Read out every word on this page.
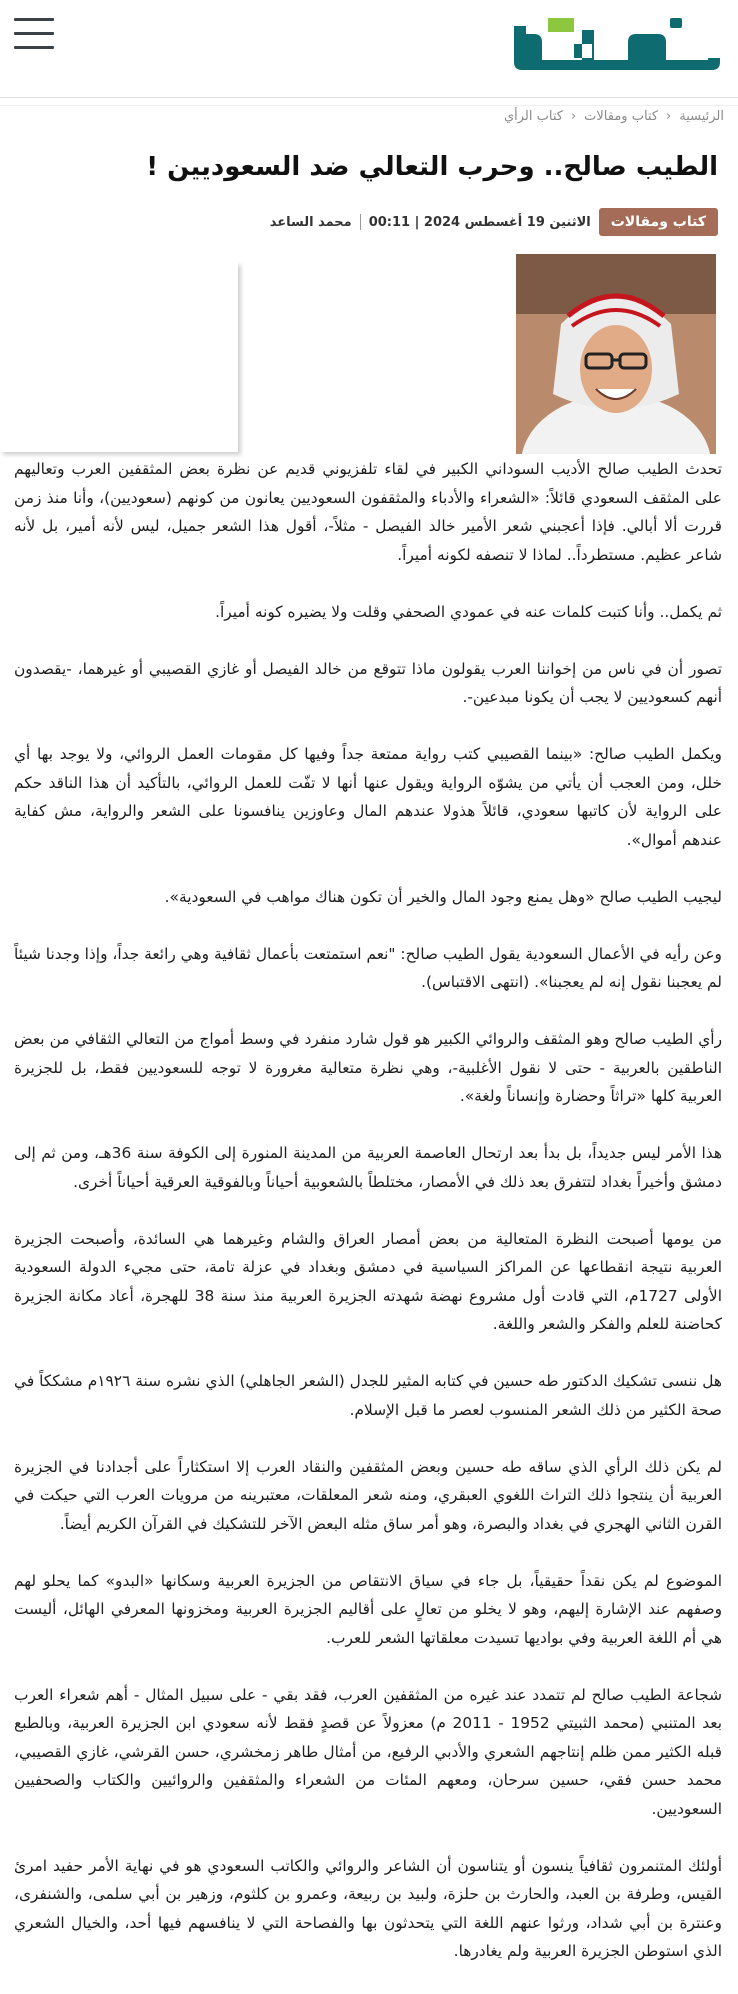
الرئيسية
‹
كتاب ومقالات
‹
كتاب الرأي
الطيب صالح.. وحرب التعالي ضد السعوديين !
كتاب ومقالات
الاثنين 19 أغسطس 2024 | 00:11
محمد الساعد

تحدث الطيب صالح الأديب السوداني الكبير في لقاء تلفزيوني قديم عن نظرة بعض المثقفين العرب وتعاليهم على المثقف السعودي قائلاً: «الشعراء والأدباء والمثقفون السعوديين يعانون من كونهم (سعوديين)، وأنا منذ زمن قررت ألا أبالي. فإذا أعجبني شعر الأمير خالد الفيصل - مثلاً-، أقول هذا الشعر جميل، ليس لأنه أمير، بل لأنه شاعر عظيم. مستطرداً.. لماذا لا تنصفه لكونه أميراً.

ثم يكمل.. وأنا كتبت كلمات عنه في عمودي الصحفي وقلت ولا يضيره كونه أميراً.

تصور أن في ناس من إخواننا العرب يقولون ماذا تتوقع من خالد الفيصل أو غازي القصيبي أو غيرهما، -يقصدون أنهم كسعوديين لا يجب أن يكونا مبدعين-.

ويكمل الطيب صالح: «بينما القصيبي كتب رواية ممتعة جداً وفيها كل مقومات العمل الروائي، ولا يوجد بها أي خلل، ومن العجب أن يأتي من يشوّه الرواية ويقول عنها أنها لا تفّت للعمل الروائي، بالتأكيد أن هذا الناقد حكم على الرواية لأن كاتبها سعودي، قائلاً هذولا عندهم المال وعاوزين ينافسونا على الشعر والرواية، مش كفاية عندهم أموال».

ليجيب الطيب صالح «وهل يمنع وجود المال والخير أن تكون هناك مواهب في السعودية».

وعن رأيه في الأعمال السعودية يقول الطيب صالح: "نعم استمتعت بأعمال ثقافية وهي رائعة جداً، وإذا وجدنا شيئاً لم يعجبنا نقول إنه لم يعجبنا». (انتهى الاقتباس).

رأي الطيب صالح وهو المثقف والروائي الكبير هو قول شارد منفرد في وسط أمواج من التعالي الثقافي من بعض الناطقين بالعربية - حتى لا نقول الأغلبية-، وهي نظرة متعالية مغرورة لا توجه للسعوديين فقط، بل للجزيرة العربية كلها «تراثاً وحضارة وإنساناً ولغة».

هذا الأمر ليس جديداً، بل بدأ بعد ارتحال العاصمة العربية من المدينة المنورة إلى الكوفة سنة 36هـ، ومن ثم إلى دمشق وأخيراً بغداد لتتفرق بعد ذلك في الأمصار، مختلطاً بالشعوبية أحياناً وبالفوقية العرقية أحياناً أخرى.

من يومها أصبحت النظرة المتعالية من بعض أمصار العراق والشام وغيرهما هي السائدة، وأصبحت الجزيرة العربية نتيجة انقطاعها عن المراكز السياسية في دمشق وبغداد في عزلة تامة، حتى مجيء الدولة السعودية الأولى 1727م، التي قادت أول مشروع نهضة شهدته الجزيرة العربية منذ سنة 38 للهجرة، أعاد مكانة الجزيرة كحاضنة للعلم والفكر والشعر واللغة.

هل ننسى تشكيك الدكتور طه حسين في كتابه المثير للجدل (الشعر الجاهلي) الذي نشره سنة ١٩٢٦م مشككاً في صحة الكثير من ذلك الشعر المنسوب لعصر ما قبل الإسلام.

لم يكن ذلك الرأي الذي ساقه طه حسين وبعض المثقفين والنقاد العرب إلا استكثاراً على أجدادنا في الجزيرة العربية أن ينتجوا ذلك التراث اللغوي العبقري، ومنه شعر المعلقات، معتبرينه من مرويات العرب التي حيكت في القرن الثاني الهجري في بغداد والبصرة، وهو أمر ساق مثله البعض الآخر للتشكيك في القرآن الكريم أيضاً.

الموضوع لم يكن نقداً حقيقياً، بل جاء في سياق الانتقاص من الجزيرة العربية وسكانها «البدو» كما يحلو لهم وصفهم عند الإشارة إليهم، وهو لا يخلو من تعالٍ على أقاليم الجزيرة العربية ومخزونها المعرفي الهائل، أليست هي أم اللغة العربية وفي بواديها تسيدت معلقاتها الشعر للعرب.

شجاعة الطيب صالح لم تتمدد عند غيره من المثقفين العرب، فقد بقي - على سبيل المثال - أهم شعراء العرب بعد المتنبي (محمد الثبيتي 1952 - 2011 م) معزولاً عن قصدٍ فقط لأنه سعودي ابن الجزيرة العربية، وبالطبع قبله الكثير ممن ظلم إنتاجهم الشعري والأدبي الرفيع، من أمثال طاهر زمخشري، حسن القرشي، غازي القصيبي، محمد حسن فقي، حسين سرحان، ومعهم المئات من الشعراء والمثقفين والروائيين والكتاب والصحفيين السعوديين.

أولئك المتنمرون ثقافياً ينسون أو يتناسون أن الشاعر والروائي والكاتب السعودي هو في نهاية الأمر حفيد امرئ القيس، وطرفة بن العبد، والحارث بن حلزة، ولبيد بن ربيعة، وعمرو بن كلثوم، وزهير بن أبي سلمى، والشنفرى، وعنترة بن أبي شداد، ورثوا عنهم اللغة التي يتحدثون بها والفصاحة التي لا ينافسهم فيها أحد، والخيال الشعري الذي استوطن الجزيرة العربية ولم يغادرها.
